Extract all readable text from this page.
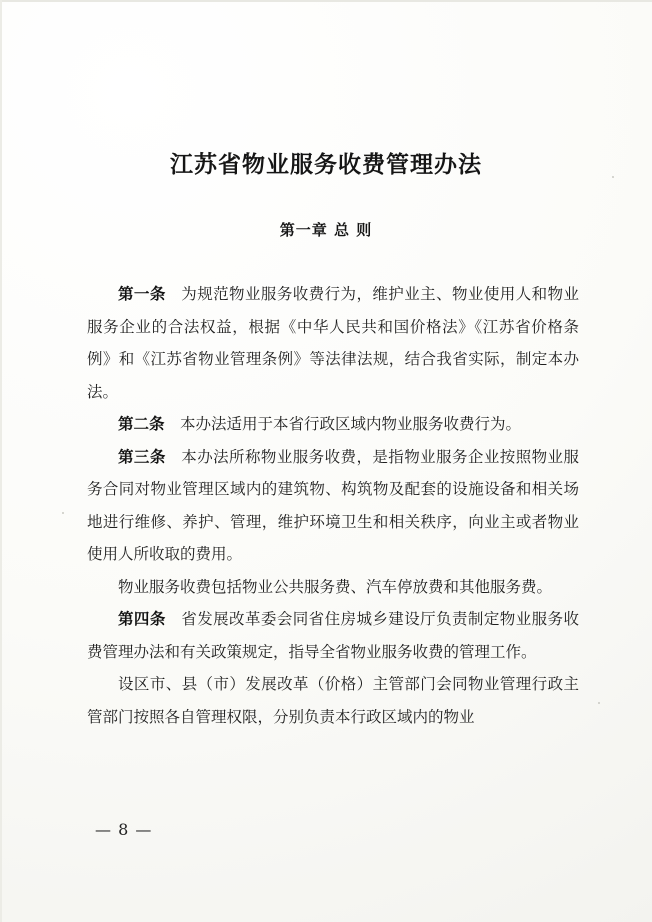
江苏省物业服务收费管理办法
第一章 总 则

第一条 为规范物业服务收费行为，维护业主、物业使用人和物业服务企业的合法权益，根据《中华人民共和国价格法》《江苏省价格条例》和《江苏省物业管理条例》等法律法规，结合我省实际，制定本办法。

第二条 本办法适用于本省行政区域内物业服务收费行为。

第三条 本办法所称物业服务收费，是指物业服务企业按照物业服务合同对物业管理区域内的建筑物、构筑物及配套的设施设备和相关场地进行维修、养护、管理，维护环境卫生和相关秩序，向业主或者物业使用人所收取的费用。

物业服务收费包括物业公共服务费、汽车停放费和其他服务费。

第四条 省发展改革委会同省住房城乡建设厅负责制定物业服务收费管理办法和有关政策规定，指导全省物业服务收费的管理工作。

设区市、县（市）发展改革（价格）主管部门会同物业管理行政主管部门按照各自管理权限，分别负责本行政区域内的物业

— 8 —
